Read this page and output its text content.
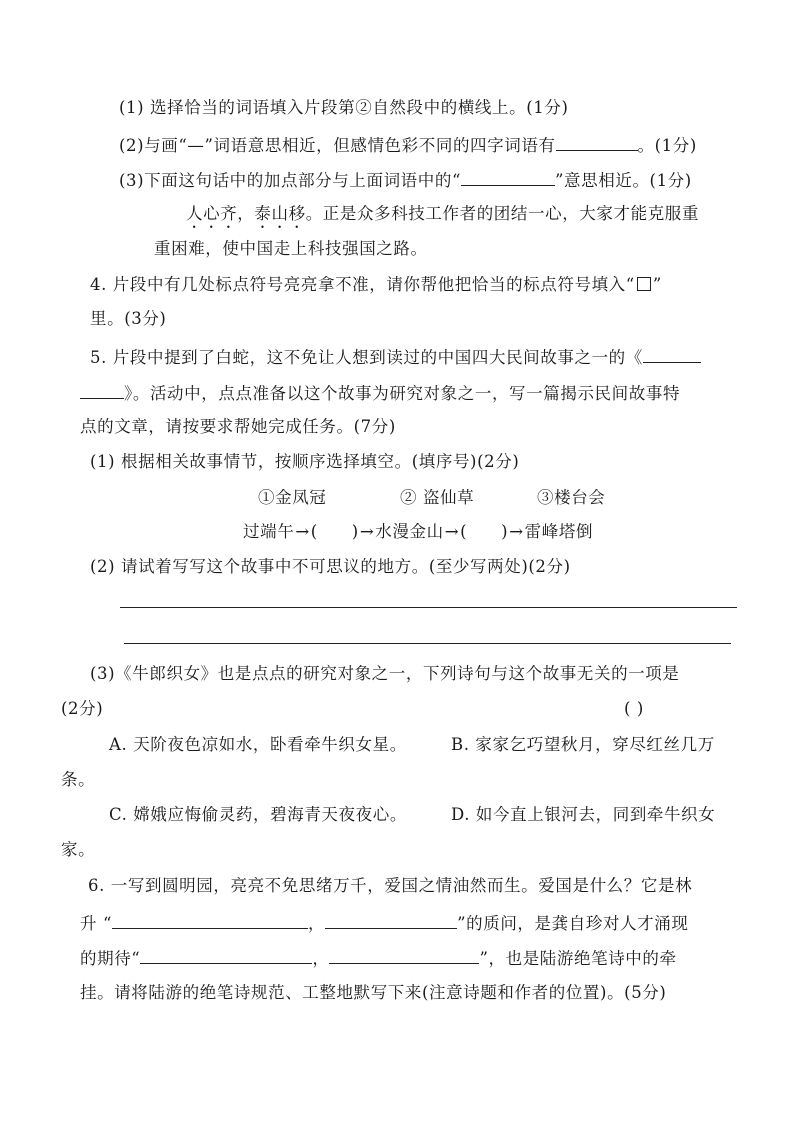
(1) 选择恰当的词语填入片段第②自然段中的横线上。(1分)
(2)与画“—”词语意思相近，但感情色彩不同的四字词语有	。(1分)
(3)下面这句话中的加点部分与上面词语中的“	”意思相近。(1分)
人心齐，泰山移。正是众多科技工作者的团结一心，大家才能克服重
重困难，使中国走上科技强国之路。
4. 片段中有几处标点符号亮亮拿不准，请你帮他把恰当的标点符号填入“ ”
里。(3分)
5. 片段中提到了白蛇，这不免让人想到读过的中国四大民间故事之一的《
》。活动中，点点准备以这个故事为研究对象之一，写一篇揭示民间故事特
点的文章，请按要求帮她完成任务。(7分)
(1) 根据相关故事情节，按顺序选择填空。(填序号)(2分)
①金凤冠	② 盗仙草	③楼台会
过端午→( )→水漫金山→( )→雷峰塔倒
(2) 请试着写写这个故事中不可思议的地方。(至少写两处)(2分)
(3)《牛郎织女》也是点点的研究对象之一，下列诗句与这个故事无关的一项是
(2分)	( )
A. 天阶夜色凉如水，卧看牵牛织女星。	B. 家家乞巧望秋月，穿尽红丝几万
条。
C. 嫦娥应悔偷灵药，碧海青天夜夜心。	D. 如今直上银河去，同到牵牛织女
家。
6. 一写到圆明园，亮亮不免思绪万千，爱国之情油然而生。爱国是什么？它是林
升 “	，	”的质问，是龚自珍对人才涌现
的期待“	，	”，也是陆游绝笔诗中的牵
挂。请将陆游的绝笔诗规范、工整地默写下来(注意诗题和作者的位置)。(5分)
